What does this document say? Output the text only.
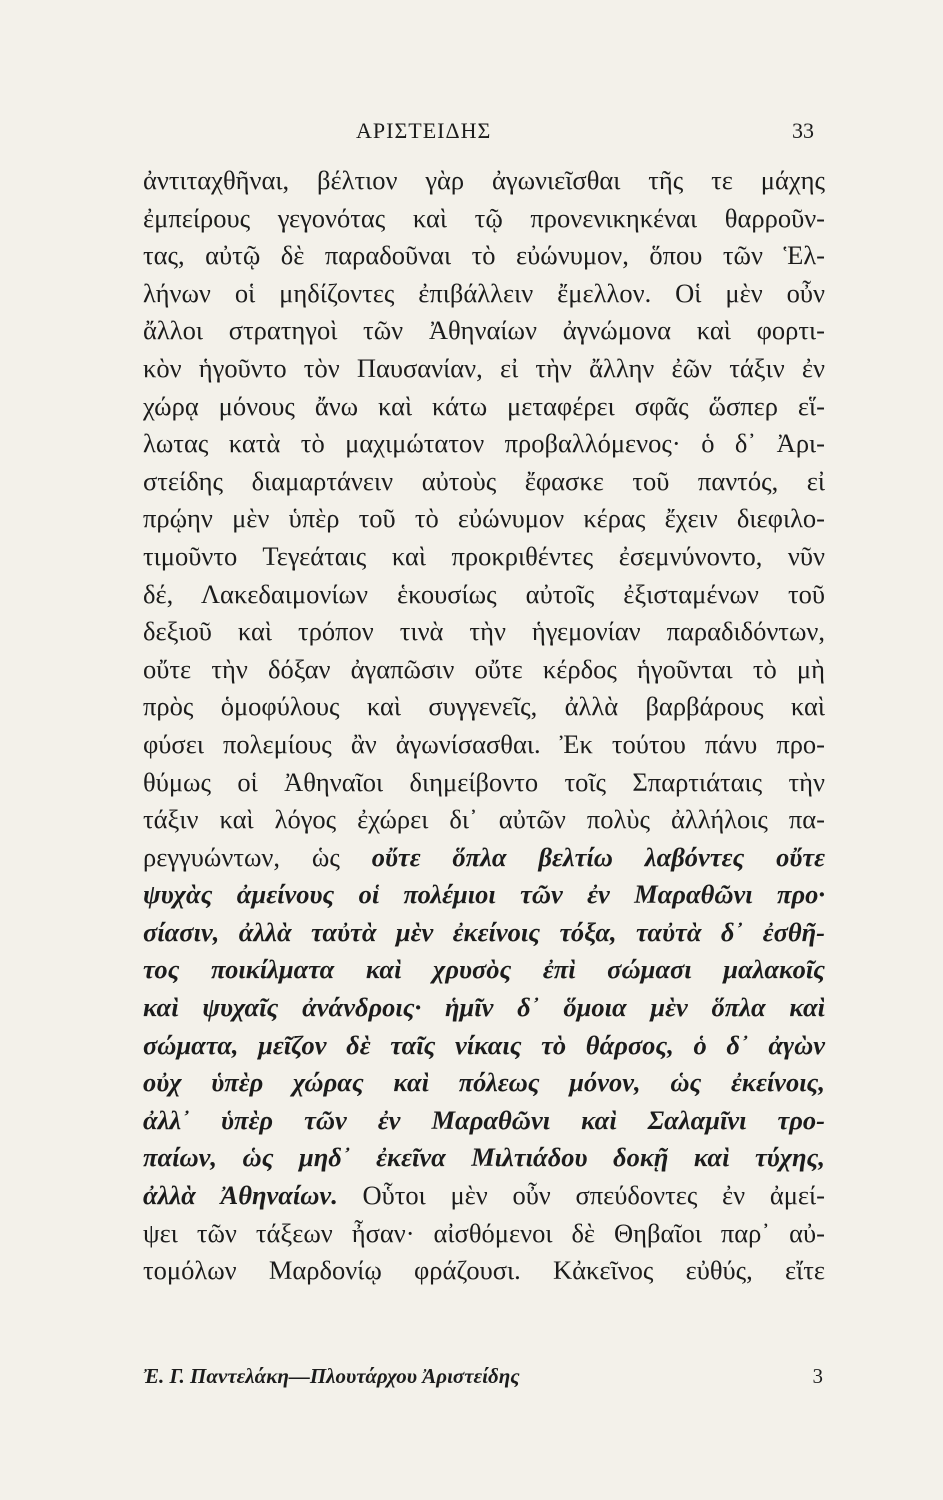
ΑΡΙΣΤΕΙΔΗΣ	33
ἀντιταχθῆναι, βέλτιον γὰρ ἀγωνιεῖσθαι τῆς τε μάχης
ἐμπείρους γεγονότας καὶ τῷ προνενικηκέναι θαρροῦν-
τας, αὐτῷ δὲ παραδοῦναι τὸ εὐώνυμον, ὅπου τῶν Ἑλ-
λήνων οἱ μηδίζοντες ἐπιβάλλειν ἔμελλον. Οἱ μὲν οὖν
ἄλλοι στρατηγοὶ τῶν Ἀθηναίων ἀγνώμονα καὶ φορτι-
κὸν ἡγοῦντο τὸν Παυσανίαν, εἰ τὴν ἄλλην ἐῶν τάξιν ἐν
χώρᾳ μόνους ἄνω καὶ κάτω μεταφέρει σφᾶς ὥσπερ εἵ-
λωτας κατὰ τὸ μαχιμώτατον προβαλλόμενος· ὁ δ᾽ Ἀρι-
στείδης διαμαρτάνειν αὐτοὺς ἔφασκε τοῦ παντός, εἰ
πρῴην μὲν ὑπὲρ τοῦ τὸ εὐώνυμον κέρας ἔχειν διεφιλο-
τιμοῦντο Τεγεάταις καὶ προκριθέντες ἐσεμνύνοντο, νῦν
δέ, Λακεδαιμονίων ἑκουσίως αὐτοῖς ἐξισταμένων τοῦ
δεξιοῦ καὶ τρόπον τινὰ τὴν ἡγεμονίαν παραδιδόντων,
οὔτε τὴν δόξαν ἀγαπῶσιν οὔτε κέρδος ἡγοῦνται τὸ μὴ
πρὸς ὁμοφύλους καὶ συγγενεῖς, ἀλλὰ βαρβάρους καὶ
φύσει πολεμίους ἂν ἀγωνίσασθαι. Ἐκ τούτου πάνυ προ-
θύμως οἱ Ἀθηναῖοι διημείβοντο τοῖς Σπαρτιάταις τὴν
τάξιν καὶ λόγος ἐχώρει δι᾽ αὐτῶν πολὺς ἀλλήλοις πα-
ρεγγυώντων, ὡς οὔτε ὅπλα βελτίω λαβόντες οὔτε
ψυχὰς ἀμείνους οἱ πολέμιοι τῶν ἐν Μαραθῶνι προ·
σίασιν, ἀλλὰ ταὐτὰ μὲν ἐκείνοις τόξα, ταὐτὰ δ᾽ ἐσθῆ-
τος ποικίλματα καὶ χρυσὸς ἐπὶ σώμασι μαλακοῖς
καὶ ψυχαῖς ἀνάνδροις· ἡμῖν δ᾽ ὅμοια μὲν ὅπλα καὶ
σώματα, μεῖζον δὲ ταῖς νίκαις τὸ θάρσος, ὁ δ᾽ ἀγὼν
οὐχ ὑπὲρ χώρας καὶ πόλεως μόνον, ὡς ἐκείνοις,
ἀλλ᾽ ὑπὲρ τῶν ἐν Μαραθῶνι καὶ Σαλαμῖνι τρο-
παίων, ὡς μηδ᾽ ἐκεῖνα Μιλτιάδου δοκῇ καὶ τύχης,
ἀλλὰ Ἀθηναίων. Οὗτοι μὲν οὖν σπεύδοντες ἐν ἀμεί-
ψει τῶν τάξεων ἦσαν· αἰσθόμενοι δὲ Θηβαῖοι παρ᾽ αὐ-
τομόλων Μαρδονίῳ φράζουσι. Κἀκεῖνος εὐθύς, εἴτε
Ἐ. Γ. Παντελάκη—Πλουτάρχου Ἀριστείδης	3
